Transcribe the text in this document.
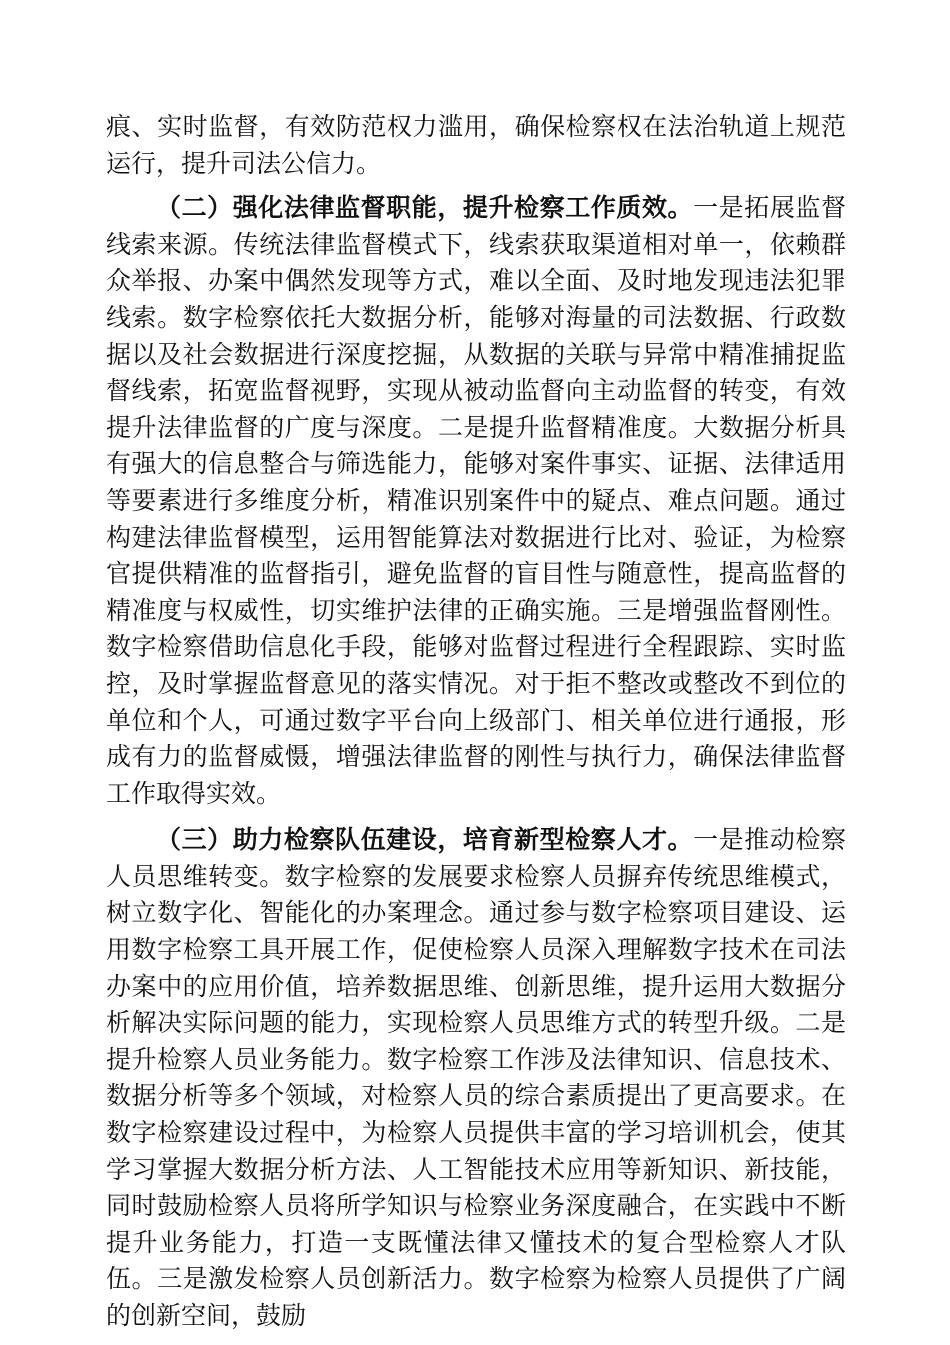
痕、实时监督，有效防范权力滥用，确保检察权在法治轨道上规范运行，提升司法公信力。

（二）强化法律监督职能，提升检察工作质效。一是拓展监督线索来源。传统法律监督模式下，线索获取渠道相对单一，依赖群众举报、办案中偶然发现等方式，难以全面、及时地发现违法犯罪线索。数字检察依托大数据分析，能够对海量的司法数据、行政数据以及社会数据进行深度挖掘，从数据的关联与异常中精准捕捉监督线索，拓宽监督视野，实现从被动监督向主动监督的转变，有效提升法律监督的广度与深度。二是提升监督精准度。大数据分析具有强大的信息整合与筛选能力，能够对案件事实、证据、法律适用等要素进行多维度分析，精准识别案件中的疑点、难点问题。通过构建法律监督模型，运用智能算法对数据进行比对、验证，为检察官提供精准的监督指引，避免监督的盲目性与随意性，提高监督的精准度与权威性，切实维护法律的正确实施。三是增强监督刚性。数字检察借助信息化手段，能够对监督过程进行全程跟踪、实时监控，及时掌握监督意见的落实情况。对于拒不整改或整改不到位的单位和个人，可通过数字平台向上级部门、相关单位进行通报，形成有力的监督威慑，增强法律监督的刚性与执行力，确保法律监督工作取得实效。

（三）助力检察队伍建设，培育新型检察人才。一是推动检察人员思维转变。数字检察的发展要求检察人员摒弃传统思维模式，树立数字化、智能化的办案理念。通过参与数字检察项目建设、运用数字检察工具开展工作，促使检察人员深入理解数字技术在司法办案中的应用价值，培养数据思维、创新思维，提升运用大数据分析解决实际问题的能力，实现检察人员思维方式的转型升级。二是提升检察人员业务能力。数字检察工作涉及法律知识、信息技术、数据分析等多个领域，对检察人员的综合素质提出了更高要求。在数字检察建设过程中，为检察人员提供丰富的学习培训机会，使其学习掌握大数据分析方法、人工智能技术应用等新知识、新技能，同时鼓励检察人员将所学知识与检察业务深度融合，在实践中不断提升业务能力，打造一支既懂法律又懂技术的复合型检察人才队伍。三是激发检察人员创新活力。数字检察为检察人员提供了广阔的创新空间，鼓励
